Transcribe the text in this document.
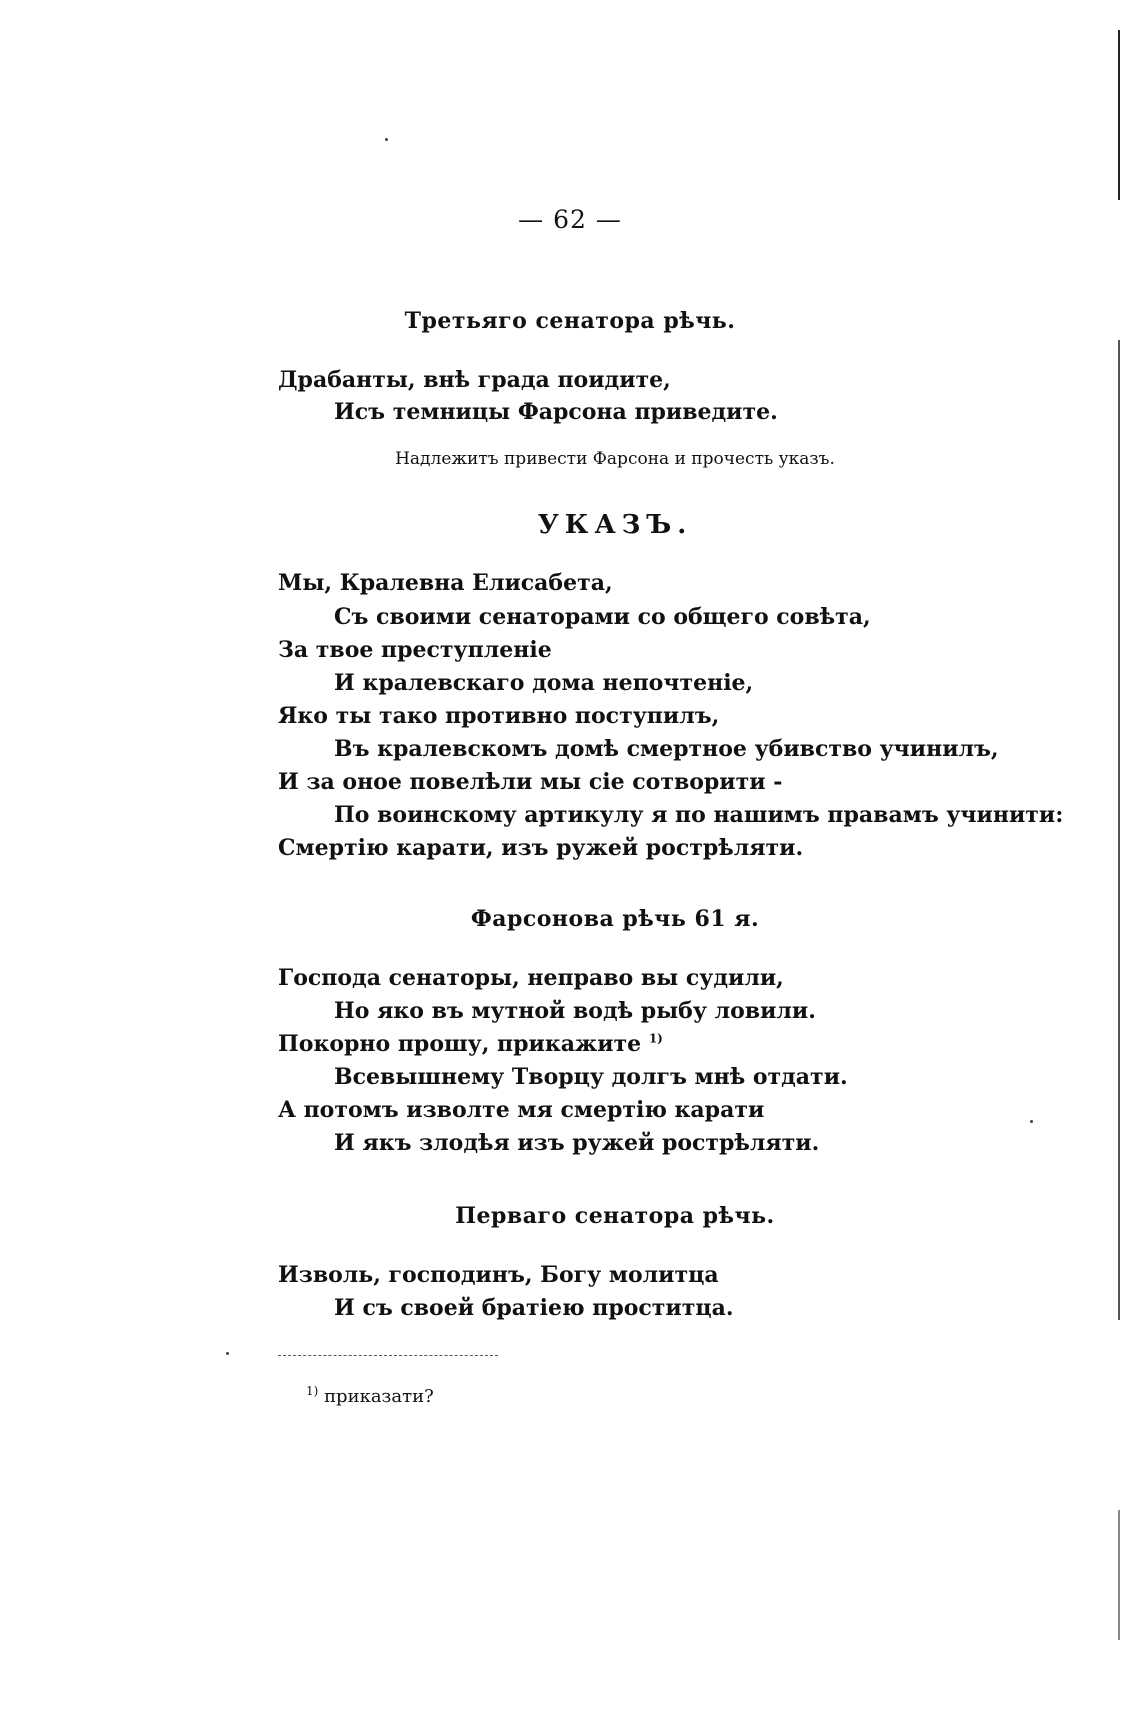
— 62 —
Третьяго сенатора рѣчь.
Драбанты, внѣ града поидите,
Исъ темницы Фарсона приведите.
Надлежитъ привести Фарсона и прочесть указъ.
УКАЗЪ.
Мы, Кралевна Елисабета,
Съ своими сенаторами со общего совѣта,
За твое преступленіе
И кралевскаго дома непочтеніе,
Яко ты тако противно поступилъ,
Въ кралевскомъ домѣ смертное убивство учинилъ,
И за оное повелѣли мы сіе сотворити -
По воинскому артикулу я по нашимъ правамъ учинити:
Смертію карати, изъ ружей рострѣляти.
Фарсонова рѣчь 61 я.
Господа сенаторы, неправо вы судили,
Но яко въ мутной водѣ рыбу ловили.
Покорно прошу, прикажите $^{1)}$
Всевышнему Творцу долгъ мнѣ отдати.
А потомъ изволте мя смертію карати
И якъ злодѣя изъ ружей рострѣляти.
Перваго сенатора рѣчь.
Изволь, господинъ, Богу молитца
И съ своей братіею проститца.
$^{1)}$ приказати?
